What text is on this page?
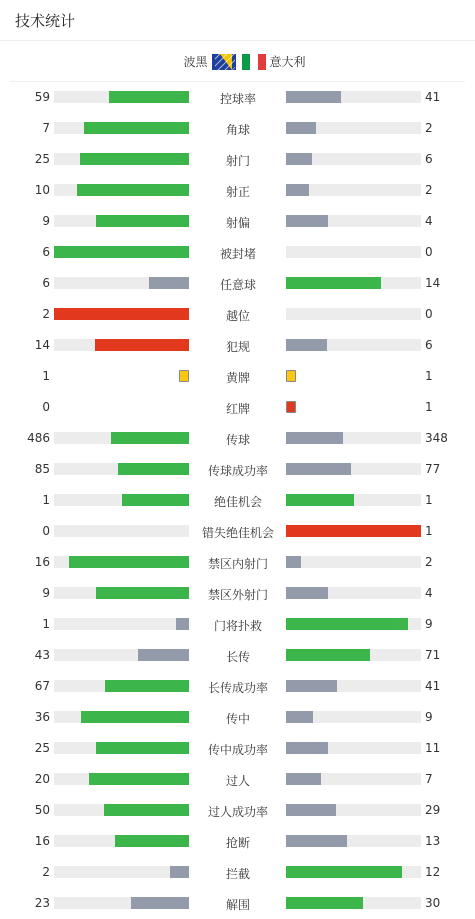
技术统计
波黑	意大利
59	控球率	41
7	角球	2
25	射门	6
10	射正	2
9	射偏	4
6	被封堵	0
6	任意球	14
2	越位	0
14	犯规	6
1	黄牌	1
0	红牌	1
486	传球	348
85	传球成功率	77
1	绝佳机会	1
0	错失绝佳机会	1
16	禁区内射门	2
9	禁区外射门	4
1	门将扑救	9
43	长传	71
67	长传成功率	41
36	传中	9
25	传中成功率	11
20	过人	7
50	过人成功率	29
16	抢断	13
2	拦截	12
23	解围	30
